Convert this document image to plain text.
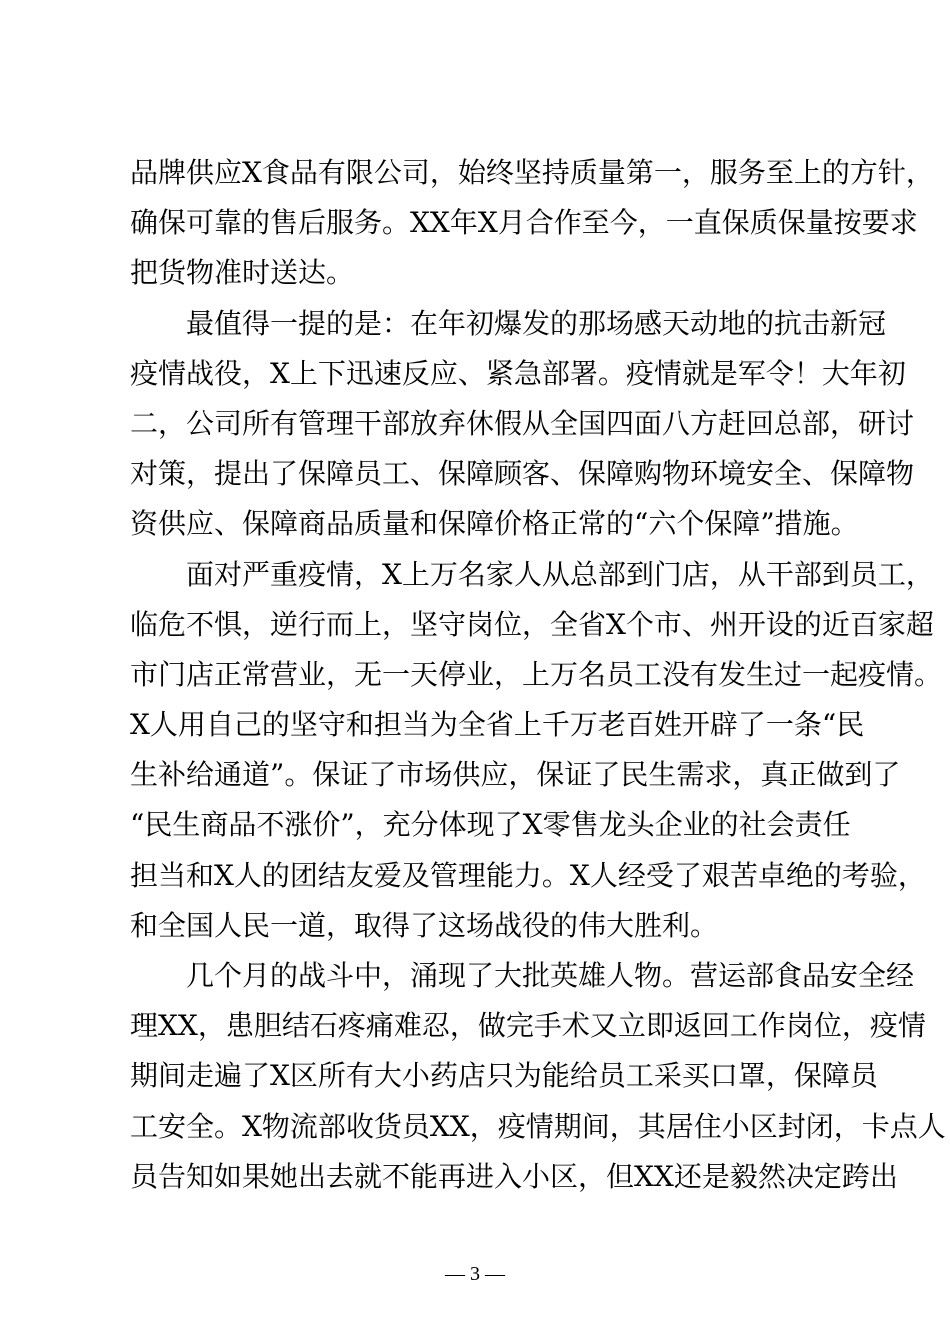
品牌供应X食品有限公司，始终坚持质量第一，服务至上的方针，
确保可靠的售后服务。XX年X月合作至今，一直保质保量按要求
把货物准时送达。
最值得一提的是：在年初爆发的那场感天动地的抗击新冠
疫情战役，X上下迅速反应、紧急部署。疫情就是军令！大年初
二，公司所有管理干部放弃休假从全国四面八方赶回总部，研讨
对策，提出了保障员工、保障顾客、保障购物环境安全、保障物
资供应、保障商品质量和保障价格正常的“六个保障”措施。
面对严重疫情，X上万名家人从总部到门店，从干部到员工，
临危不惧，逆行而上，坚守岗位，全省X个市、州开设的近百家超
市门店正常营业，无一天停业，上万名员工没有发生过一起疫情。
X人用自己的坚守和担当为全省上千万老百姓开辟了一条“民
生补给通道”。保证了市场供应，保证了民生需求，真正做到了
“民生商品不涨价”，充分体现了X零售龙头企业的社会责任
担当和X人的团结友爱及管理能力。X人经受了艰苦卓绝的考验，
和全国人民一道，取得了这场战役的伟大胜利。
几个月的战斗中，涌现了大批英雄人物。营运部食品安全经
理XX，患胆结石疼痛难忍，做完手术又立即返回工作岗位，疫情
期间走遍了X区所有大小药店只为能给员工采买口罩，保障员
工安全。X物流部收货员XX，疫情期间，其居住小区封闭，卡点人
员告知如果她出去就不能再进入小区，但XX还是毅然决定跨出
— 3 —
